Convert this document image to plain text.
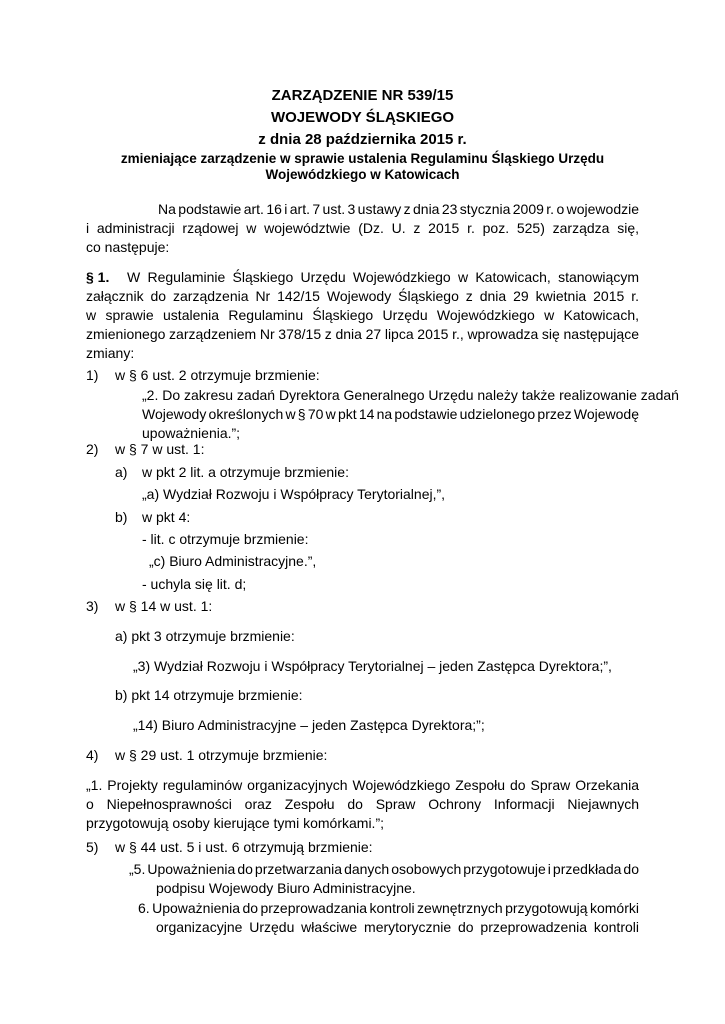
ZARZĄDZENIE NR 539/15
WOJEWODY ŚLĄSKIEGO
z dnia 28 października 2015 r.
zmieniające zarządzenie w sprawie ustalenia Regulaminu Śląskiego Urzędu
Wojewódzkiego w Katowicach
Na podstawie art. 16 i art. 7 ust. 3 ustawy z dnia 23 stycznia 2009 r. o wojewodzie
i administracji rządowej w województwie (Dz. U. z 2015 r. poz. 525) zarządza się,
co następuje:
§ 1. W Regulaminie Śląskiego Urzędu Wojewódzkiego w Katowicach, stanowiącym
załącznik do zarządzenia Nr 142/15 Wojewody Śląskiego z dnia 29 kwietnia 2015 r.
w sprawie ustalenia Regulaminu Śląskiego Urzędu Wojewódzkiego w Katowicach,
zmienionego zarządzeniem Nr 378/15 z dnia 27 lipca 2015 r., wprowadza się następujące
zmiany:
1) w § 6 ust. 2 otrzymuje brzmienie:
„2. Do zakresu zadań Dyrektora Generalnego Urzędu należy także realizowanie zadań
Wojewody określonych w § 70 w pkt 14 na podstawie udzielonego przez Wojewodę
upoważnienia.”;
2) w § 7 w ust. 1:
a) w pkt 2 lit. a otrzymuje brzmienie:
„a) Wydział Rozwoju i Współpracy Terytorialnej,”,
b) w pkt 4:
- lit. c otrzymuje brzmienie:
„c) Biuro Administracyjne.”,
- uchyla się lit. d;
3) w § 14 w ust. 1:
a) pkt 3 otrzymuje brzmienie:
„3) Wydział Rozwoju i Współpracy Terytorialnej – jeden Zastępca Dyrektora;”,
b) pkt 14 otrzymuje brzmienie:
„14) Biuro Administracyjne – jeden Zastępca Dyrektora;”;
4) w § 29 ust. 1 otrzymuje brzmienie:
„1. Projekty regulaminów organizacyjnych Wojewódzkiego Zespołu do Spraw Orzekania
o Niepełnosprawności oraz Zespołu do Spraw Ochrony Informacji Niejawnych
przygotowują osoby kierujące tymi komórkami.”;
5) w § 44 ust. 5 i ust. 6 otrzymują brzmienie:
„5. Upoważnienia do przetwarzania danych osobowych przygotowuje i przedkłada do
podpisu Wojewody Biuro Administracyjne.
6. Upoważnienia do przeprowadzania kontroli zewnętrznych przygotowują komórki
organizacyjne Urzędu właściwe merytorycznie do przeprowadzenia kontroli
